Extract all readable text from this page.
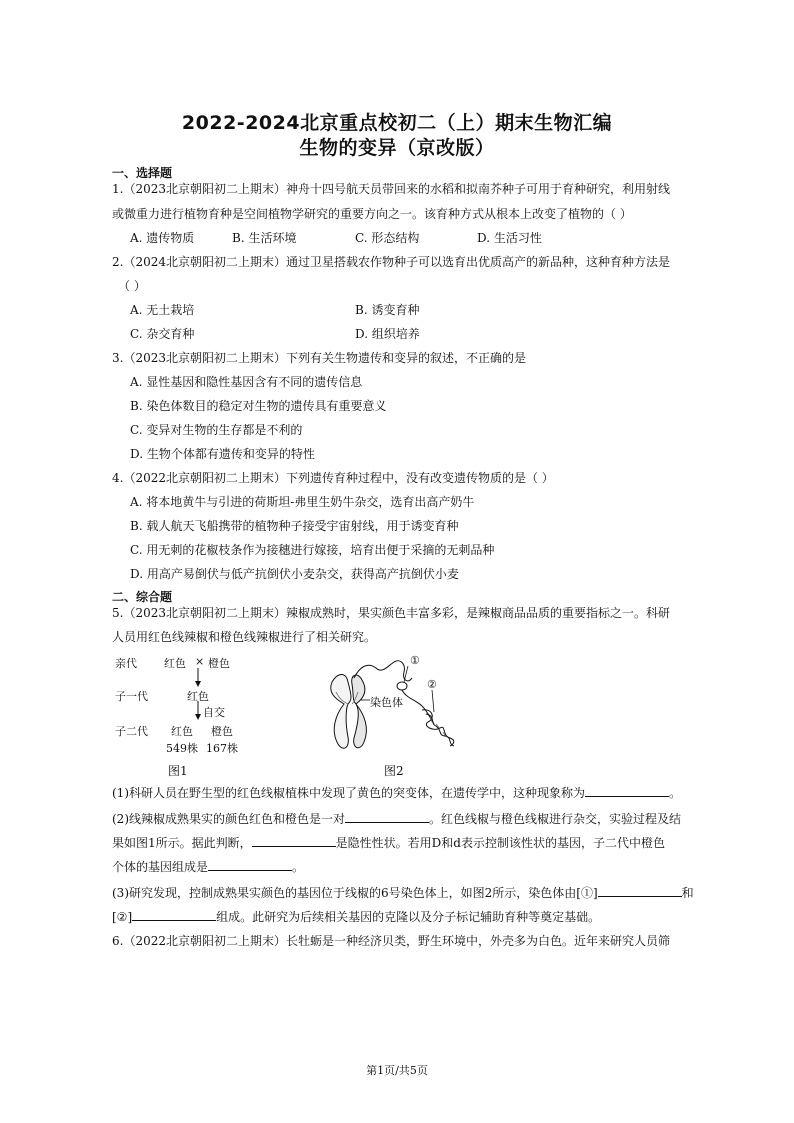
2022-2024北京重点校初二（上）期末生物汇编
生物的变异（京改版）
一、选择题
1.（2023北京朝阳初二上期末）神舟十四号航天员带回来的水稻和拟南芥种子可用于育种研究，利用射线
或微重力进行植物育种是空间植物学研究的重要方向之一。该育种方式从根本上改变了植物的（ ）
A. 遗传物质	B. 生活环境	C. 形态结构	D. 生活习性
2.（2024北京朝阳初二上期末）通过卫星搭载农作物种子可以选育出优质高产的新品种，这种育种方法是
（ ）
A. 无土栽培	B. 诱变育种
C. 杂交育种	D. 组织培养
3.（2023北京朝阳初二上期末）下列有关生物遗传和变异的叙述，不正确的是
A. 显性基因和隐性基因含有不同的遗传信息
B. 染色体数目的稳定对生物的遗传具有重要意义
C. 变异对生物的生存都是不利的
D. 生物个体都有遗传和变异的特性
4.（2022北京朝阳初二上期末）下列遗传育种过程中，没有改变遗传物质的是（ ）
A. 将本地黄牛与引进的荷斯坦-弗里生奶牛杂交，选育出高产奶牛
B. 载人航天飞船携带的植物种子接受宇宙射线，用于诱变育种
C. 用无刺的花椒枝条作为接穗进行嫁接，培育出便于采摘的无刺品种
D. 用高产易倒伏与低产抗倒伏小麦杂交，获得高产抗倒伏小麦
二、综合题
5.（2023北京朝阳初二上期末）辣椒成熟时，果实颜色丰富多彩，是辣椒商品品质的重要指标之一。科研
人员用红色线辣椒和橙色线辣椒进行了相关研究。
亲代 红色 × 橙色
子一代	红色
自交
子二代 红色 橙色
549株 167株
图1
①
②
染色体
图2
(1)科研人员在野生型的红色线椒植株中发现了黄色的突变体，在遗传学中，这种现象称为	。
(2)线辣椒成熟果实的颜色红色和橙色是一对	。红色线椒与橙色线椒进行杂交，实验过程及结
果如图1所示。据此判断，	是隐性性状。若用D和d表示控制该性状的基因，子二代中橙色
个体的基因组成是	。
(3)研究发现，控制成熟果实颜色的基因位于线椒的6号染色体上，如图2所示，染色体由[①]	和
[②]	组成。此研究为后续相关基因的克隆以及分子标记辅助育种等奠定基础。
6.（2022北京朝阳初二上期末）长牡蛎是一种经济贝类，野生环境中，外壳多为白色。近年来研究人员筛
第1页/共5页
